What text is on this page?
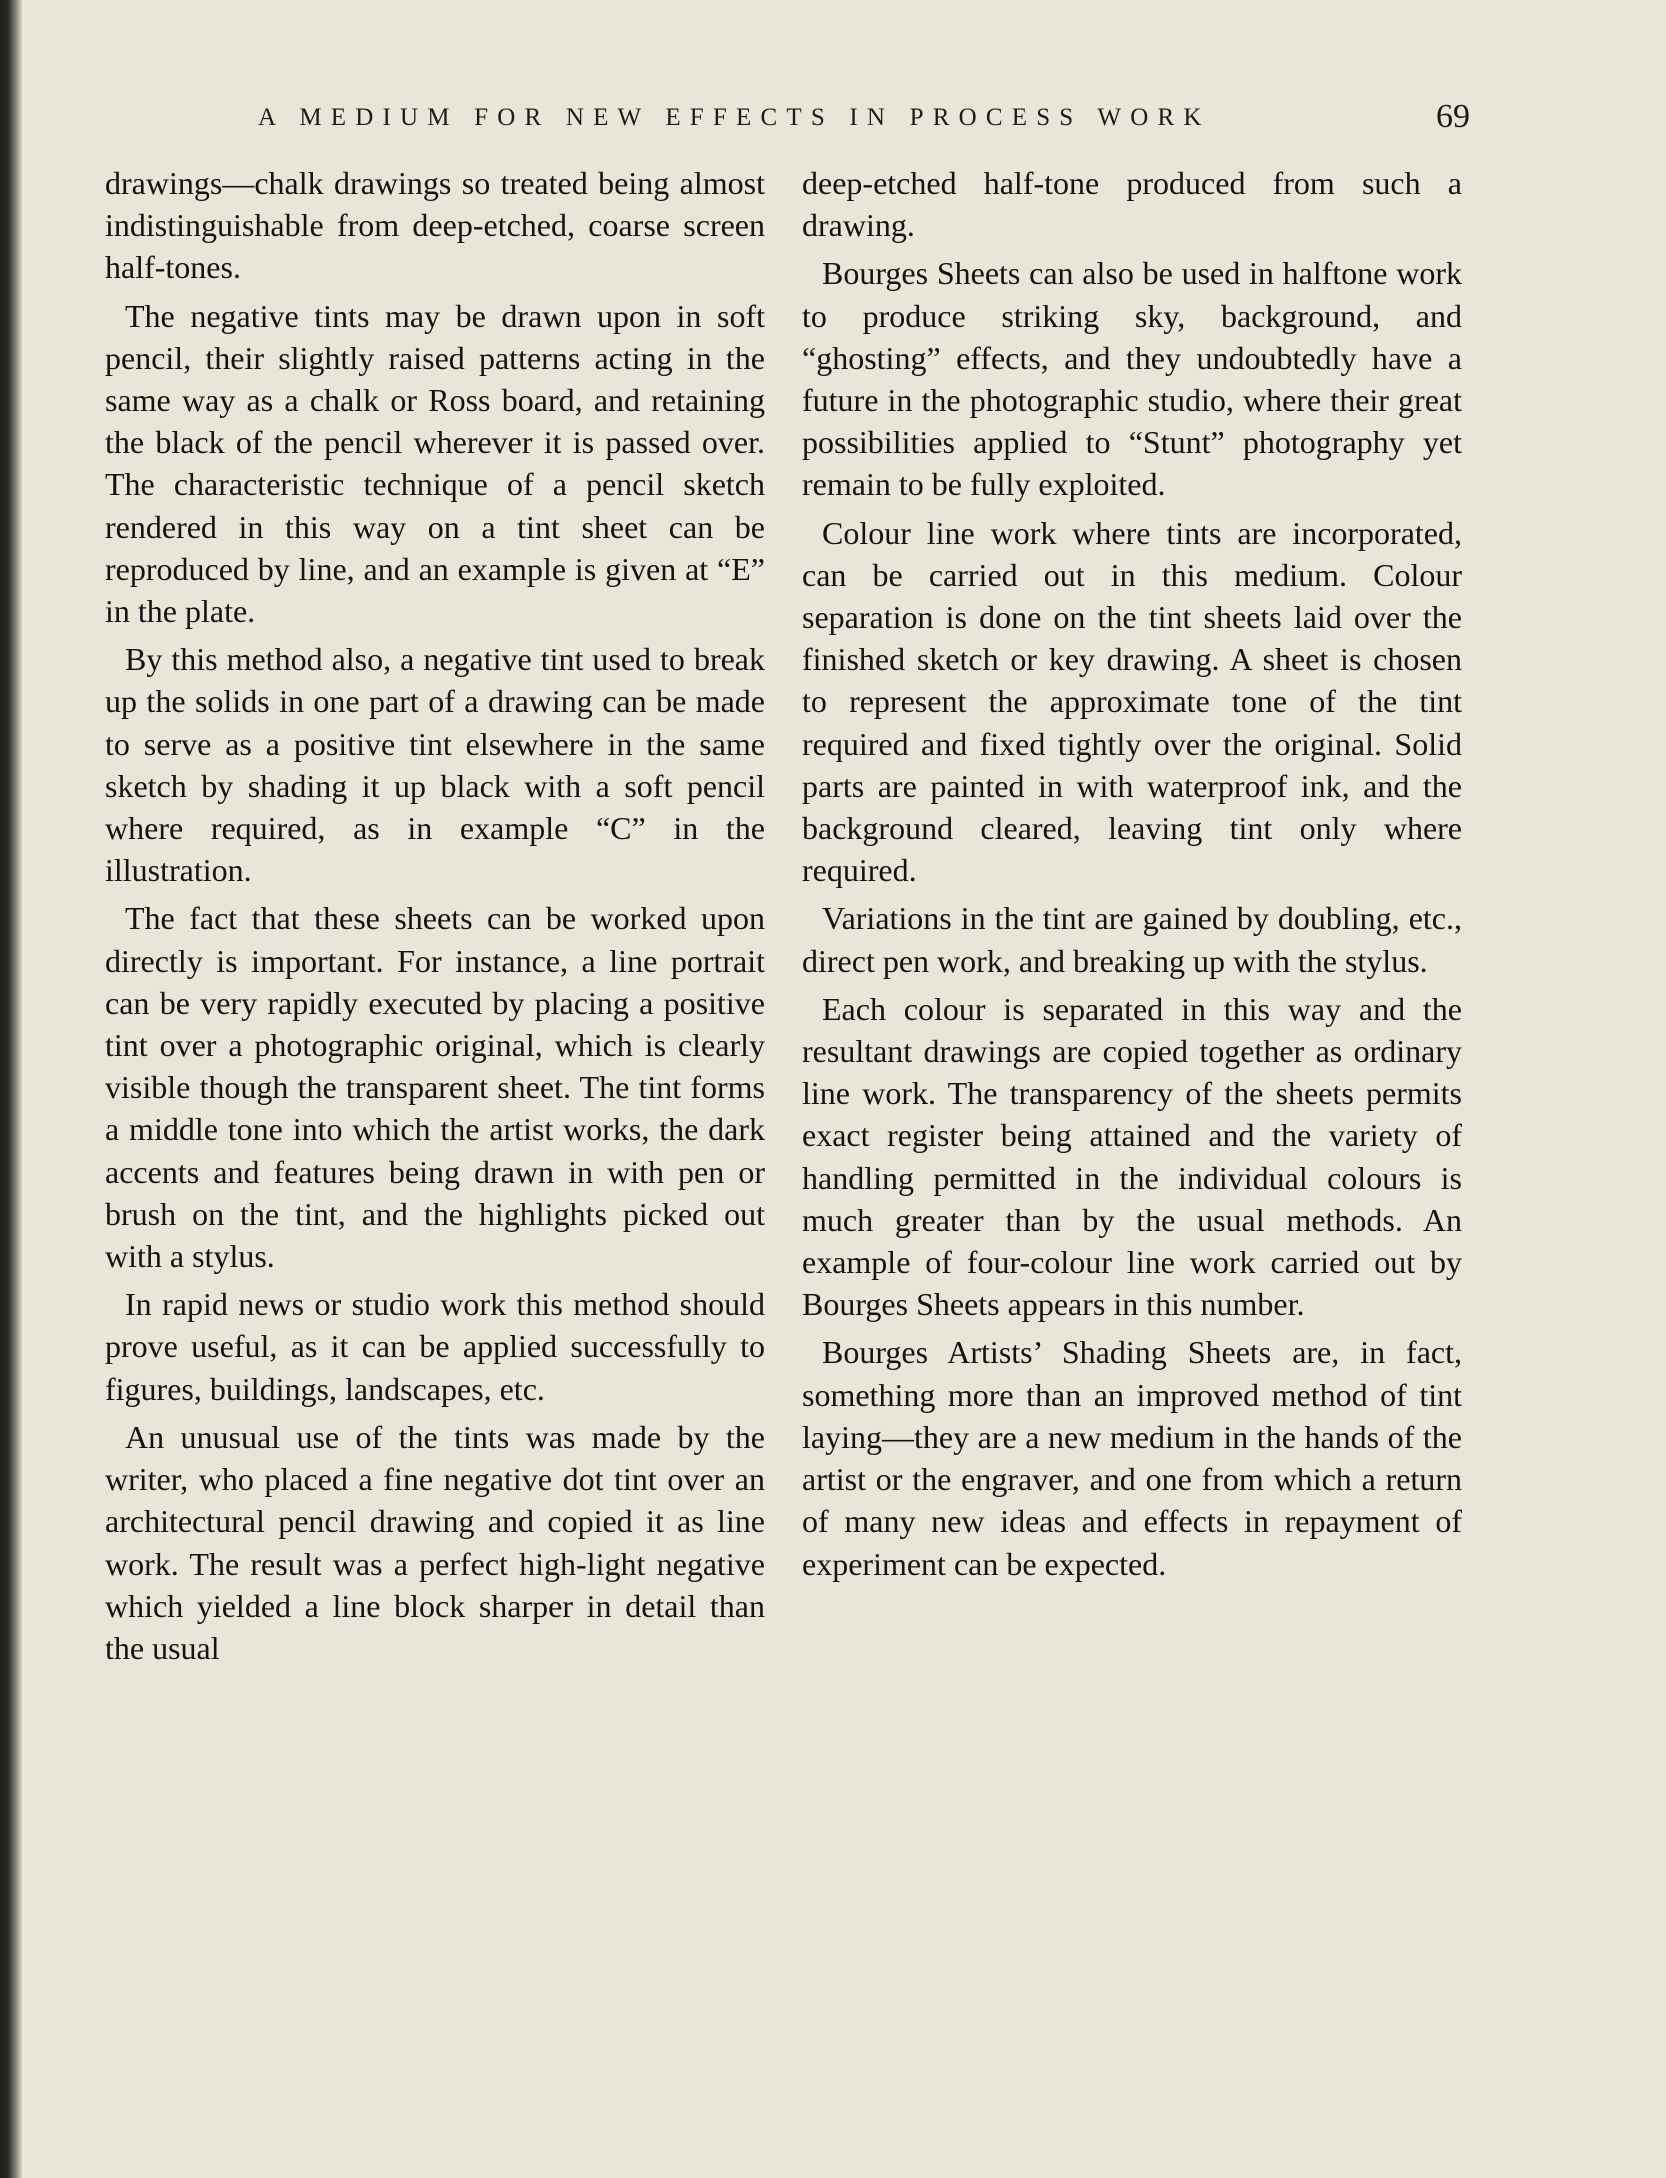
A MEDIUM FOR NEW EFFECTS IN PROCESS WORK	69

drawings—chalk drawings so treated being almost indistinguishable from deep-etched, coarse screen half-tones.

The negative tints may be drawn upon in soft pencil, their slightly raised patterns acting in the same way as a chalk or Ross board, and retaining the black of the pencil wherever it is passed over. The characteristic technique of a pencil sketch rendered in this way on a tint sheet can be reproduced by line, and an example is given at “E” in the plate.

By this method also, a negative tint used to break up the solids in one part of a drawing can be made to serve as a positive tint elsewhere in the same sketch by shading it up black with a soft pencil where required, as in example “C” in the illustration.

The fact that these sheets can be worked upon directly is important. For instance, a line portrait can be very rapidly executed by placing a positive tint over a photographic original, which is clearly visible though the transparent sheet. The tint forms a middle tone into which the artist works, the dark accents and features being drawn in with pen or brush on the tint, and the highlights picked out with a stylus.

In rapid news or studio work this method should prove useful, as it can be applied successfully to figures, buildings, landscapes, etc.

An unusual use of the tints was made by the writer, who placed a fine negative dot tint over an architectural pencil drawing and copied it as line work. The result was a perfect high-light negative which yielded a line block sharper in detail than the usual

deep-etched half-tone produced from such a drawing.

Bourges Sheets can also be used in halftone work to produce striking sky, background, and “ghosting” effects, and they undoubtedly have a future in the photographic studio, where their great possibilities applied to “Stunt” photography yet remain to be fully exploited.

Colour line work where tints are incorporated, can be carried out in this medium. Colour separation is done on the tint sheets laid over the finished sketch or key drawing. A sheet is chosen to represent the approximate tone of the tint required and fixed tightly over the original. Solid parts are painted in with waterproof ink, and the background cleared, leaving tint only where required.

Variations in the tint are gained by doubling, etc., direct pen work, and breaking up with the stylus.

Each colour is separated in this way and the resultant drawings are copied together as ordinary line work. The transparency of the sheets permits exact register being attained and the variety of handling permitted in the individual colours is much greater than by the usual methods. An example of four-colour line work carried out by Bourges Sheets appears in this number.

Bourges Artists’ Shading Sheets are, in fact, something more than an improved method of tint laying—they are a new medium in the hands of the artist or the engraver, and one from which a return of many new ideas and effects in repayment of experiment can be expected.
